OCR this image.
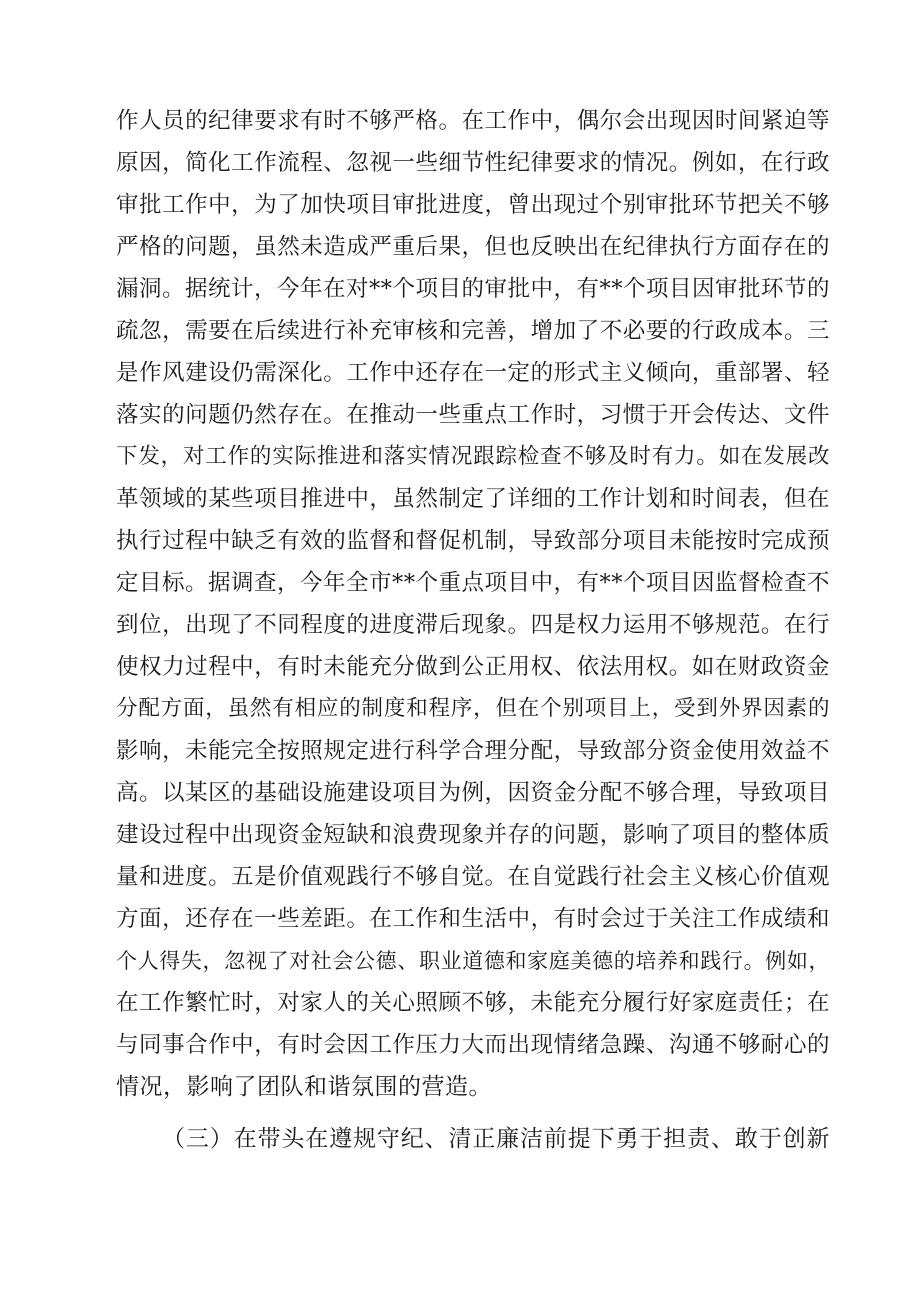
作人员的纪律要求有时不够严格。在工作中，偶尔会出现因时间紧迫等
原因，简化工作流程、忽视一些细节性纪律要求的情况。例如，在行政
审批工作中，为了加快项目审批进度，曾出现过个别审批环节把关不够
严格的问题，虽然未造成严重后果，但也反映出在纪律执行方面存在的
漏洞。据统计，今年在对**个项目的审批中，有**个项目因审批环节的
疏忽，需要在后续进行补充审核和完善，增加了不必要的行政成本。三
是作风建设仍需深化。工作中还存在一定的形式主义倾向，重部署、轻
落实的问题仍然存在。在推动一些重点工作时，习惯于开会传达、文件
下发，对工作的实际推进和落实情况跟踪检查不够及时有力。如在发展改
革领域的某些项目推进中，虽然制定了详细的工作计划和时间表，但在
执行过程中缺乏有效的监督和督促机制，导致部分项目未能按时完成预
定目标。据调查，今年全市**个重点项目中，有**个项目因监督检查不
到位，出现了不同程度的进度滞后现象。四是权力运用不够规范。在行
使权力过程中，有时未能充分做到公正用权、依法用权。如在财政资金
分配方面，虽然有相应的制度和程序，但在个别项目上，受到外界因素的
影响，未能完全按照规定进行科学合理分配，导致部分资金使用效益不
高。以某区的基础设施建设项目为例，因资金分配不够合理，导致项目
建设过程中出现资金短缺和浪费现象并存的问题，影响了项目的整体质
量和进度。五是价值观践行不够自觉。在自觉践行社会主义核心价值观
方面，还存在一些差距。在工作和生活中，有时会过于关注工作成绩和
个人得失，忽视了对社会公德、职业道德和家庭美德的培养和践行。例如，
在工作繁忙时，对家人的关心照顾不够，未能充分履行好家庭责任；在
与同事合作中，有时会因工作压力大而出现情绪急躁、沟通不够耐心的
情况，影响了团队和谐氛围的营造。
（三）在带头在遵规守纪、清正廉洁前提下勇于担责、敢于创新
